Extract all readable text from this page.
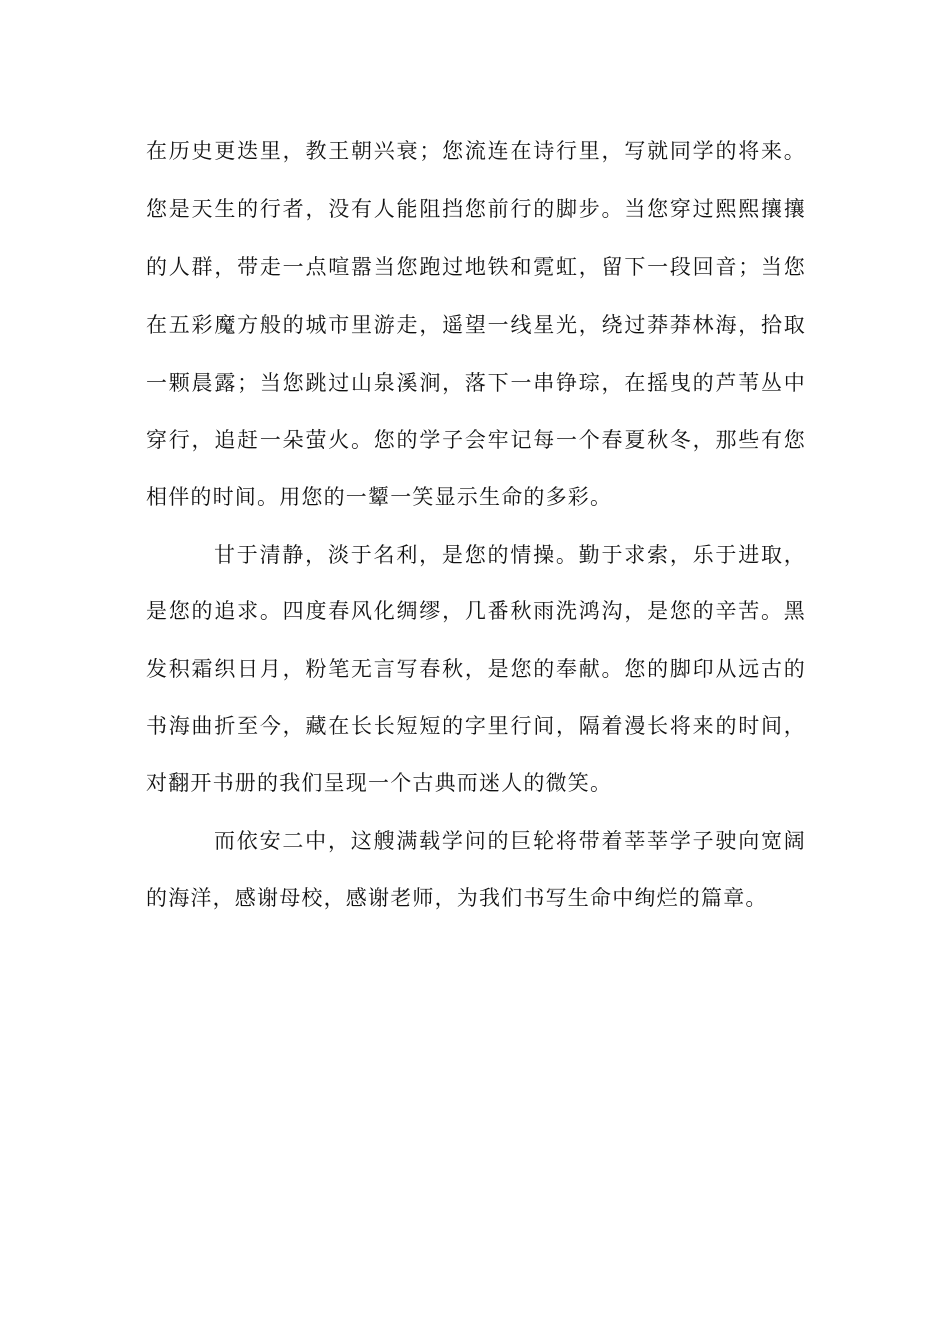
在历史更迭里，教王朝兴衰；您流连在诗行里，写就同学的将来。
您是天生的行者，没有人能阻挡您前行的脚步。当您穿过熙熙攘攘
的人群，带走一点喧嚣当您跑过地铁和霓虹，留下一段回音；当您
在五彩魔方般的城市里游走，遥望一线星光，绕过莽莽林海，拾取
一颗晨露；当您跳过山泉溪涧，落下一串铮琮，在摇曳的芦苇丛中
穿行，追赶一朵萤火。您的学子会牢记每一个春夏秋冬，那些有您
相伴的时间。用您的一颦一笑显示生命的多彩。
甘于清静，淡于名利，是您的情操。勤于求索，乐于进取，
是您的追求。四度春风化绸缪，几番秋雨洗鸿沟，是您的辛苦。黑
发积霜织日月，粉笔无言写春秋，是您的奉献。您的脚印从远古的
书海曲折至今，藏在长长短短的字里行间，隔着漫长将来的时间，
对翻开书册的我们呈现一个古典而迷人的微笑。
而依安二中，这艘满载学问的巨轮将带着莘莘学子驶向宽阔
的海洋，感谢母校，感谢老师，为我们书写生命中绚烂的篇章。
